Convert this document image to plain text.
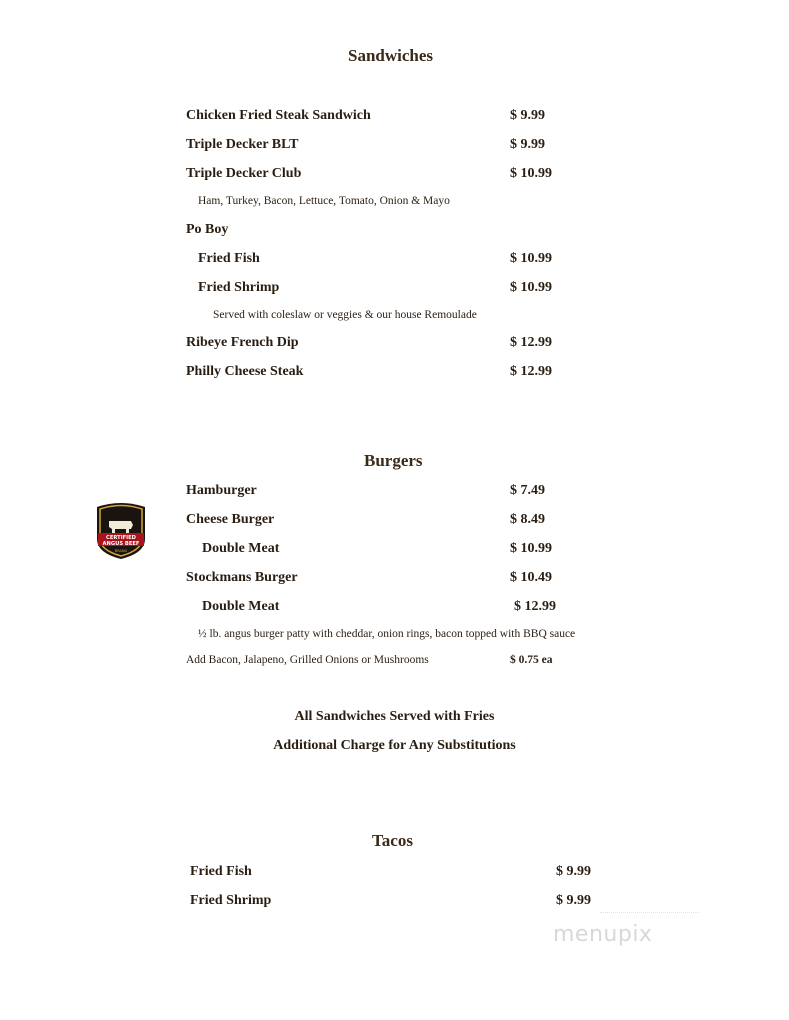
Sandwiches
Chicken Fried Steak Sandwich	$ 9.99
Triple Decker BLT	$ 9.99
Triple Decker Club	$ 10.99
Ham, Turkey, Bacon, Lettuce, Tomato, Onion & Mayo
Po Boy
Fried Fish	$ 10.99
Fried Shrimp	$ 10.99
Served with coleslaw or veggies & our house Remoulade
Ribeye French Dip	$ 12.99
Philly Cheese Steak	$ 12.99
Burgers
CERTIFIED
ANGUS BEEF
BRAND
Hamburger	$ 7.49
Cheese Burger	$ 8.49
Double Meat	$ 10.99
Stockmans Burger	$ 10.49
Double Meat	$ 12.99
½ lb. angus burger patty with cheddar, onion rings, bacon topped with BBQ sauce
Add Bacon, Jalapeno, Grilled Onions or Mushrooms	$ 0.75 ea
All Sandwiches Served with Fries
Additional Charge for Any Substitutions
Tacos
Fried Fish	$ 9.99
Fried Shrimp	$ 9.99
menupix
